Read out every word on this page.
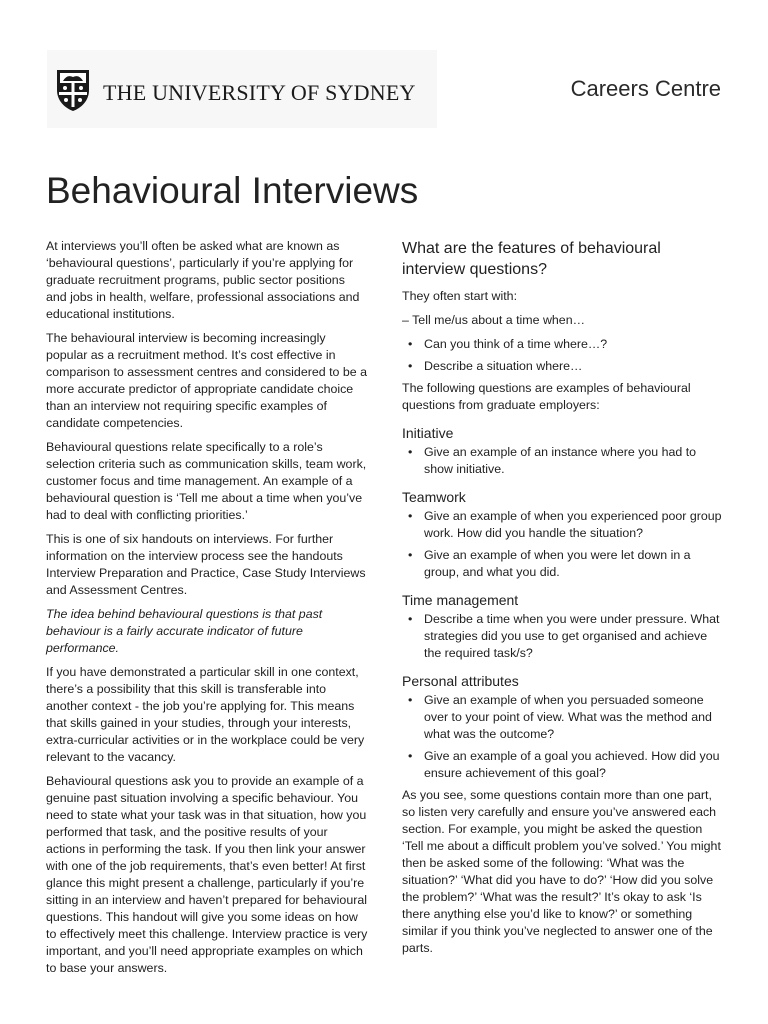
THE UNIVERSITY OF SYDNEY	Careers Centre
Behavioural Interviews

At interviews you’ll often be asked what are known as ‘behavioural questions’, particularly if you’re applying for graduate recruitment programs, public sector positions and jobs in health, welfare, professional associations and educational institutions.

The behavioural interview is becoming increasingly popular as a recruitment method. It’s cost effective in comparison to assessment centres and considered to be a more accurate predictor of appropriate candidate choice than an interview not requiring specific examples of candidate competencies.

Behavioural questions relate specifically to a role’s selection criteria such as communication skills, team work, customer focus and time management. An example of a behavioural question is ‘Tell me about a time when you’ve had to deal with conflicting priorities.’

This is one of six handouts on interviews. For further information on the interview process see the handouts Interview Preparation and Practice, Case Study Interviews and Assessment Centres.

The idea behind behavioural questions is that past behaviour is a fairly accurate indicator of future performance.

If you have demonstrated a particular skill in one context, there’s a possibility that this skill is transferable into another context - the job you’re applying for. This means that skills gained in your studies, through your interests, extra-curricular activities or in the workplace could be very relevant to the vacancy.

Behavioural questions ask you to provide an example of a genuine past situation involving a specific behaviour. You need to state what your task was in that situation, how you performed that task, and the positive results of your actions in performing the task. If you then link your answer with one of the job requirements, that’s even better! At first glance this might present a challenge, particularly if you’re sitting in an interview and haven’t prepared for behavioural questions. This handout will give you some ideas on how to effectively meet this challenge. Interview practice is very important, and you’ll need appropriate examples on which to base your answers.

What are the features of behavioural interview questions?

They often start with:

– Tell me/us about a time when…

• Can you think of a time where…?
• Describe a situation where…

The following questions are examples of behavioural questions from graduate employers:

Initiative
• Give an example of an instance where you had to show initiative.
Teamwork
• Give an example of when you experienced poor group work. How did you handle the situation?
• Give an example of when you were let down in a group, and what you did.
Time management
• Describe a time when you were under pressure. What strategies did you use to get organised and achieve the required task/s?
Personal attributes
• Give an example of when you persuaded someone over to your point of view. What was the method and what was the outcome?
• Give an example of a goal you achieved. How did you ensure achievement of this goal?

As you see, some questions contain more than one part, so listen very carefully and ensure you’ve answered each section. For example, you might be asked the question ‘Tell me about a difficult problem you’ve solved.’ You might then be asked some of the following: ‘What was the situation?’ ‘What did you have to do?’ ‘How did you solve the problem?’ ‘What was the result?’ It’s okay to ask ‘Is there anything else you’d like to know?’ or something similar if you think you’ve neglected to answer one of the parts.
